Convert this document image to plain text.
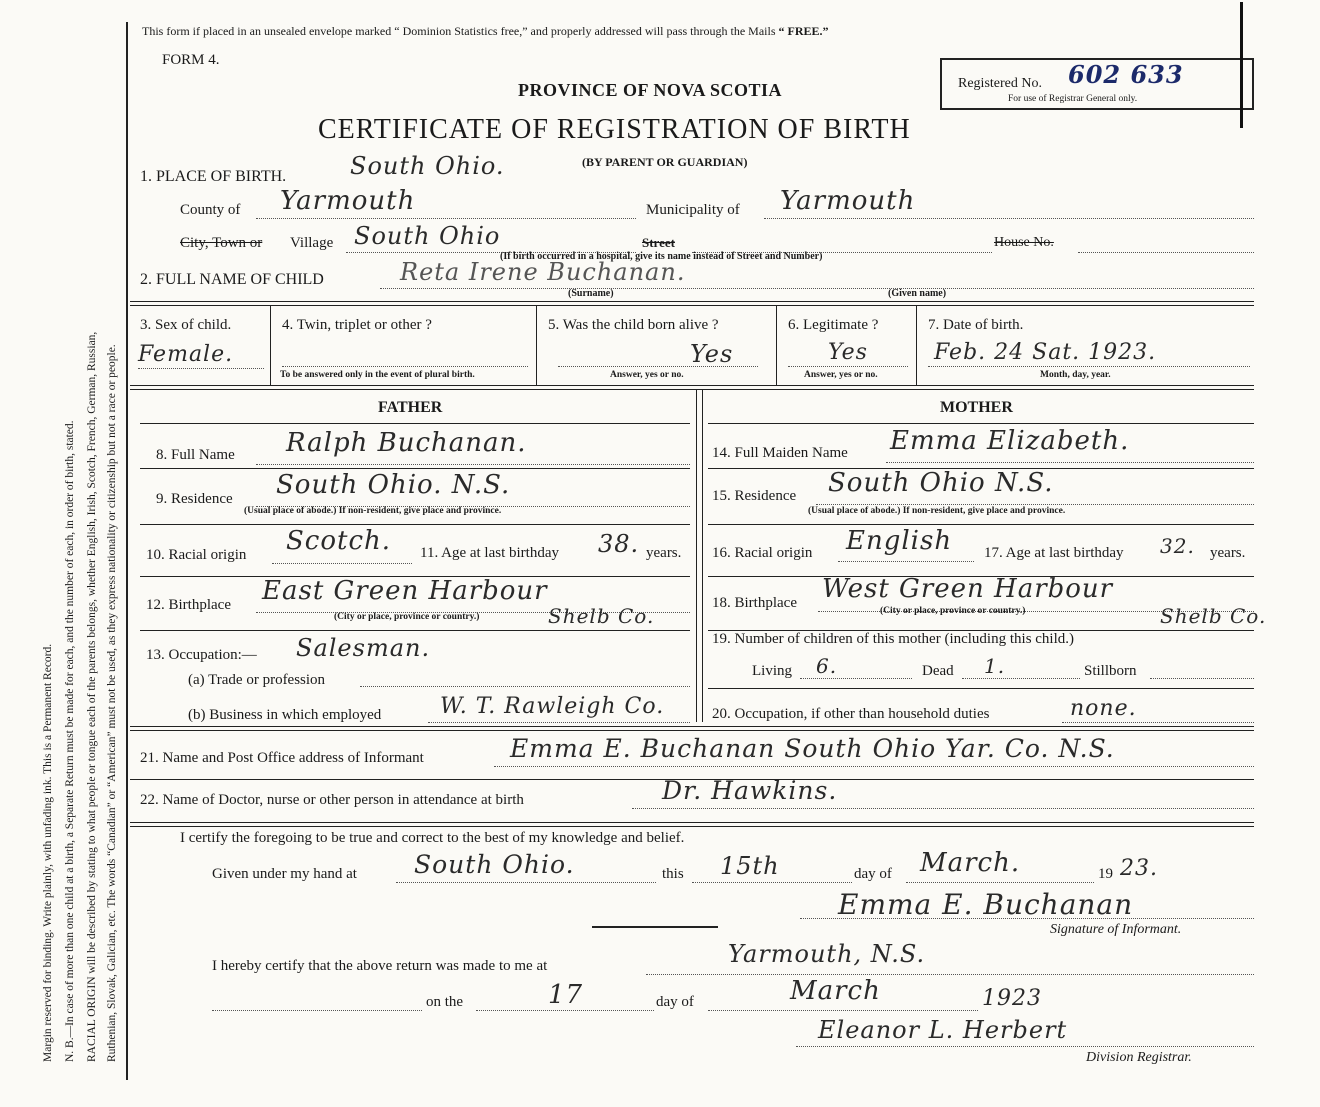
Margin reserved for binding. Write plainly, with unfading ink. This is a Permanent Record. N. B.—In case of more than one child at a birth, a Separate Return must be made for each, and the number of each, in order of birth, stated. RACIAL ORIGIN will be described by stating to what people or tongue each of the parents belongs, whether English, Irish, Scotch, French, German, Russian, Ruthenian, Slovak, Galician, etc. The words “Canadian” or “American” must not be used, as they express nationality or citizenship but not a race or people.
This form if placed in an unsealed envelope marked “ Dominion Statistics free,” and properly addressed will pass through the Mails “ FREE.”
FORM 4.
PROVINCE OF NOVA SCOTIA
CERTIFICATE OF REGISTRATION OF BIRTH
(BY PARENT OR GUARDIAN)
Registered No. 602 633
For use of Registrar General only.
1. PLACE OF BIRTH.	South Ohio.
County of Yarmouth	Municipality of Yarmouth
City, Town or Village South Ohio	Street	House No.
(If birth occurred in a hospital, give its name instead of Street and Number)
2. FULL NAME OF CHILD	Reta Irene Buchanan.
(Surname)	(Given name)
3. Sex of child.
Female.
4. Twin, triplet or other ?
To be answered only in the event of plural birth.
5. Was the child born alive ?
Yes
Answer, yes or no.
6. Legitimate ?
Yes
Answer, yes or no.
7. Date of birth.
Feb. 24 Sat. 1923.
Month, day, year.
FATHER	MOTHER
8. Full Name Ralph Buchanan.
9. Residence South Ohio. N.S.
(Usual place of abode.) If non-resident, give place and province.
10. Racial origin Scotch. 11. Age at last birthday 38. years.
12. Birthplace East Green Harbour
Shelb Co.
(City or place, province or country.)
13. Occupation:— Salesman.
(a) Trade or profession
(b) Business in which employed	W. T. Rawleigh Co.
14. Full Maiden Name Emma Elizabeth.
15. Residence South Ohio N.S.
(Usual place of abode.) If non-resident, give place and province.
16. Racial origin English 17. Age at last birthday 32. years.
18. Birthplace West Green Harbour
Shelb Co.
(City or place, province or country.)
19. Number of children of this mother (including this child.)
Living 6.	Dead 1.	Stillborn
20. Occupation, if other than household duties	none.
21. Name and Post Office address of Informant	Emma E. Buchanan South Ohio Yar. Co. N.S.
22. Name of Doctor, nurse or other person in attendance at birth	Dr. Hawkins.
I certify the foregoing to be true and correct to the best of my knowledge and belief.
Given under my hand at South Ohio.	this 15th	day of March.	19 23.
Emma E. Buchanan
Signature of Informant.
I hereby certify that the above return was made to me at	Yarmouth, N.S.
on the	17	day of	March	1923
Eleanor L. Herbert
Division Registrar.
